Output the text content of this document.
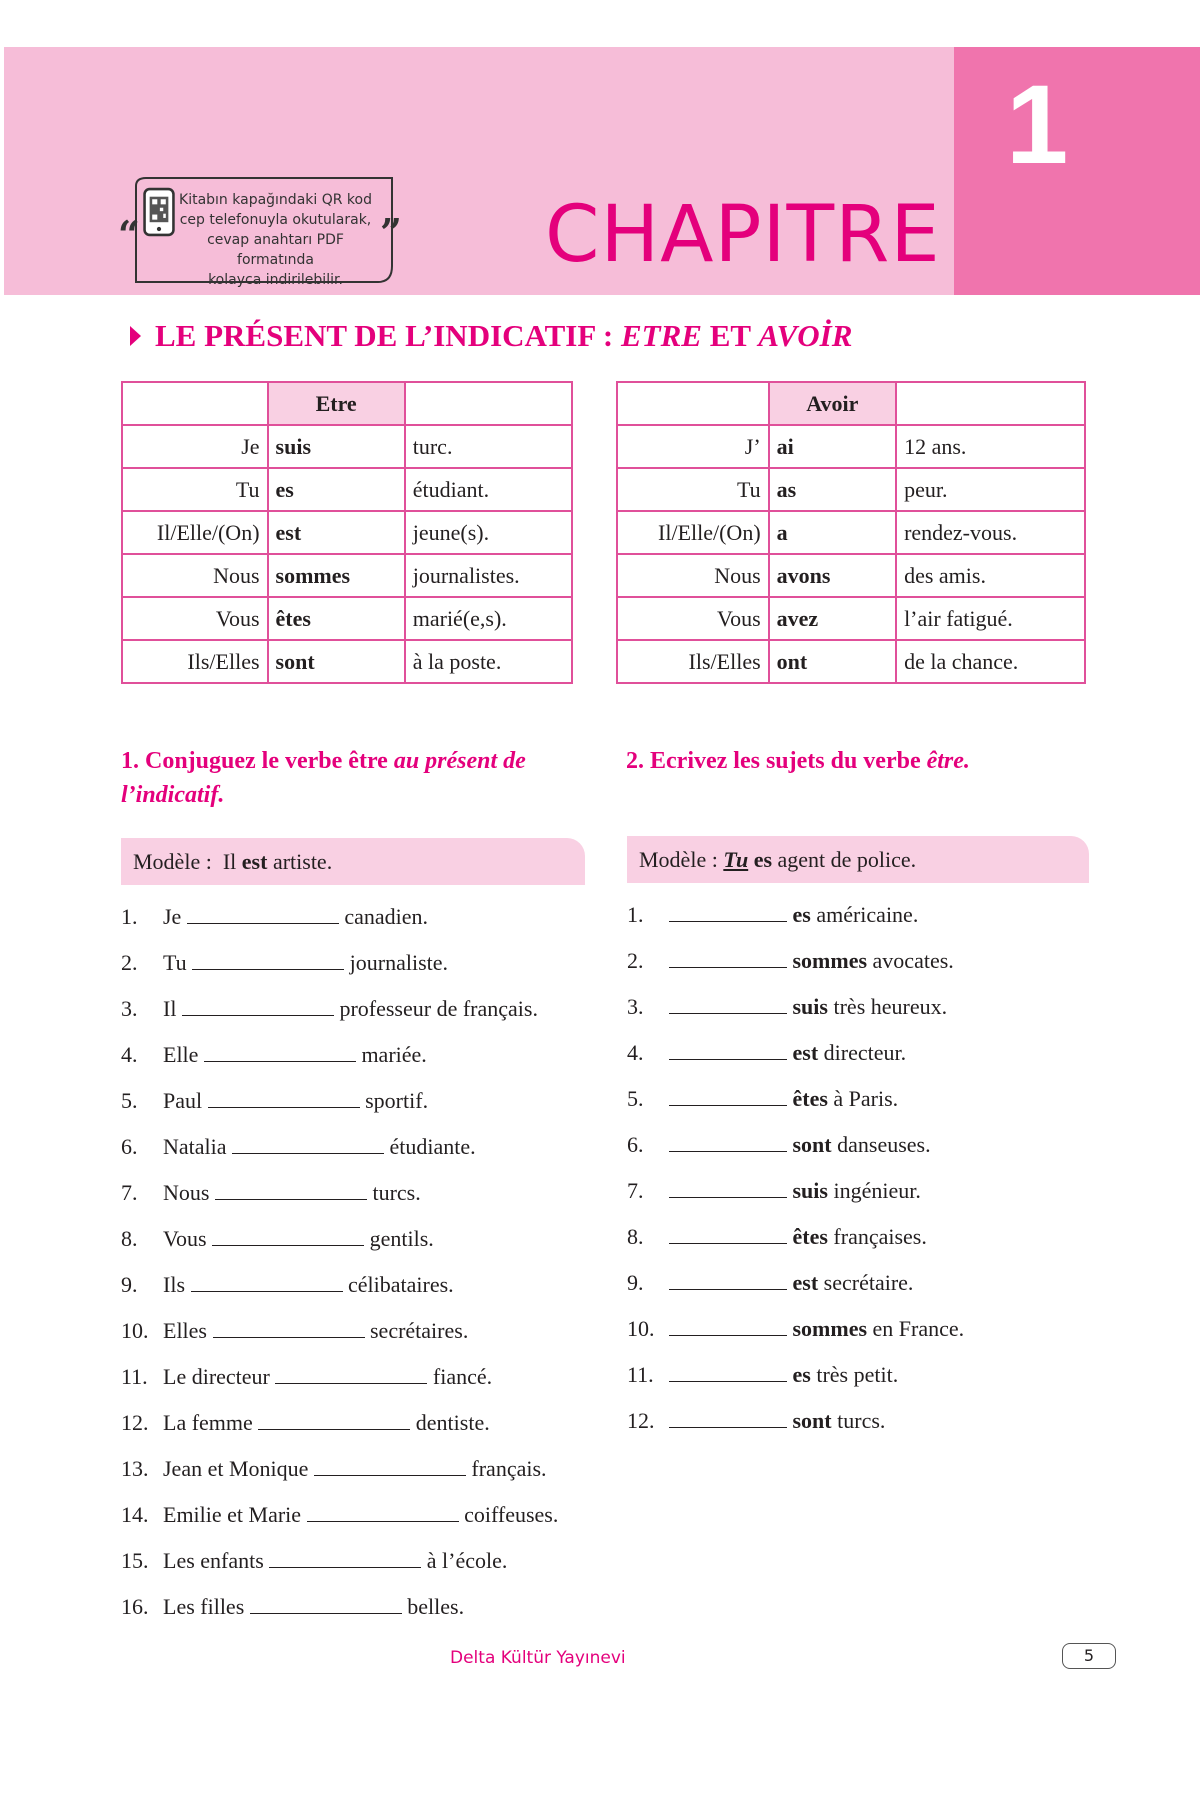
1
CHAPITRE
“	”
Kitabın kapağındaki QR kod
cep telefonuyla okutularak,
cevap anahtarı PDF formatında
kolayca indirilebilir.
LE PRÉSENT DE L’INDICATIF : ETRE ET AVOİR
	Etre	
Je	suis	turc.
Tu	es	étudiant.
Il/Elle/(On)	est	jeune(s).
Nous	sommes	journalistes.
Vous	êtes	marié(e,s).
Ils/Elles	sont	à la poste.
	Avoir	
J’	ai	12 ans.
Tu	as	peur.
Il/Elle/(On)	a	rendez-vous.
Nous	avons	des amis.
Vous	avez	l’air fatigué.
Ils/Elles	ont	de la chance.
1. Conjuguez le verbe être au présent de
l’indicatif.
2. Ecrivez les sujets du verbe être.
Modèle :  Il est artiste.	Modèle : Tu es agent de police.
1. Je	canadien.
2. Tu	journaliste.
3. Il	professeur de français.
4. Elle	mariée.
5. Paul	sportif.
6. Natalia	étudiante.
7. Nous	turcs.
8. Vous	gentils.
9. Ils	célibataires.
10. Elles	secrétaires.
11. Le directeur	fiancé.
12. La femme	dentiste.
13. Jean et Monique	français.
14. Emilie et Marie	coiffeuses.
15. Les enfants	à l’école.
16. Les filles	belles.
1.	es américaine.
2.	sommes avocates.
3.	suis très heureux.
4.	est directeur.
5.	êtes à Paris.
6.	sont danseuses.
7.	suis ingénieur.
8.	êtes françaises.
9.	est secrétaire.
10.	sommes en France.
11.	es très petit.
12.	sont turcs.
Delta Kültür Yayınevi	5
